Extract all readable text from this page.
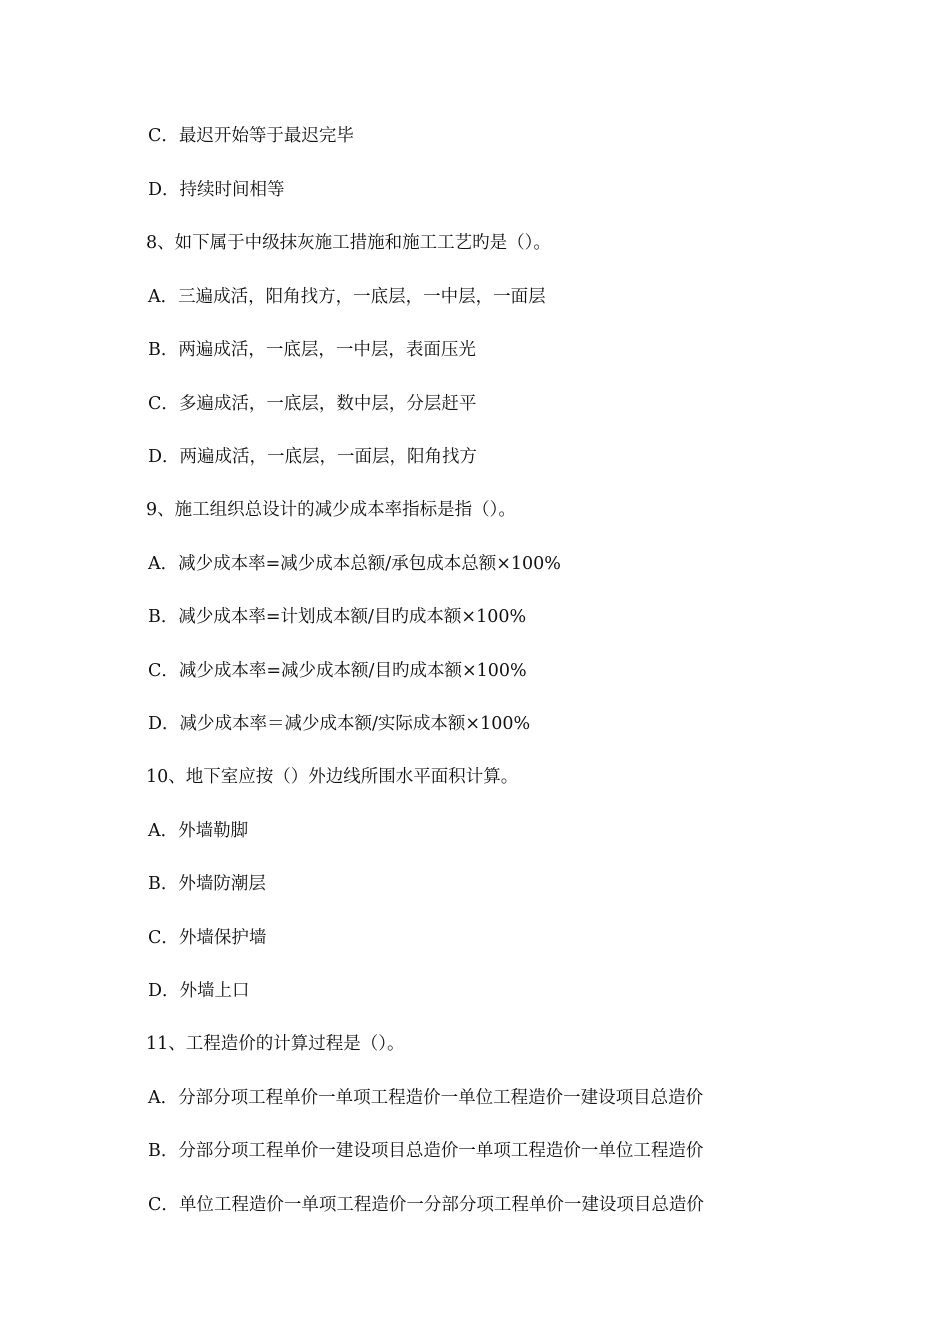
C．最迟开始等于最迟完毕
D．持续时间相等
8、如下属于中级抹灰施工措施和施工工艺旳是（）。
A．三遍成活，阳角找方，一底层，一中层，一面层
B．两遍成活，一底层，一中层，表面压光
C．多遍成活，一底层，数中层，分层赶平
D．两遍成活，一底层，一面层，阳角找方
9、施工组织总设计的减少成本率指标是指（）。
A．减少成本率=减少成本总额/承包成本总额×100%
B．减少成本率=计划成本额/目旳成本额×100%
C．减少成本率=减少成本额/目旳成本额×100%
D．减少成本率＝减少成本额/实际成本额×100%
10、地下室应按（）外边线所围水平面积计算。
A．外墙勒脚
B．外墙防潮层
C．外墙保护墙
D．外墙上口
11、工程造价的计算过程是（）。
A．分部分项工程单价一单项工程造价一单位工程造价一建设项目总造价
B．分部分项工程单价一建设项目总造价一单项工程造价一单位工程造价
C．单位工程造价一单项工程造价一分部分项工程单价一建设项目总造价
